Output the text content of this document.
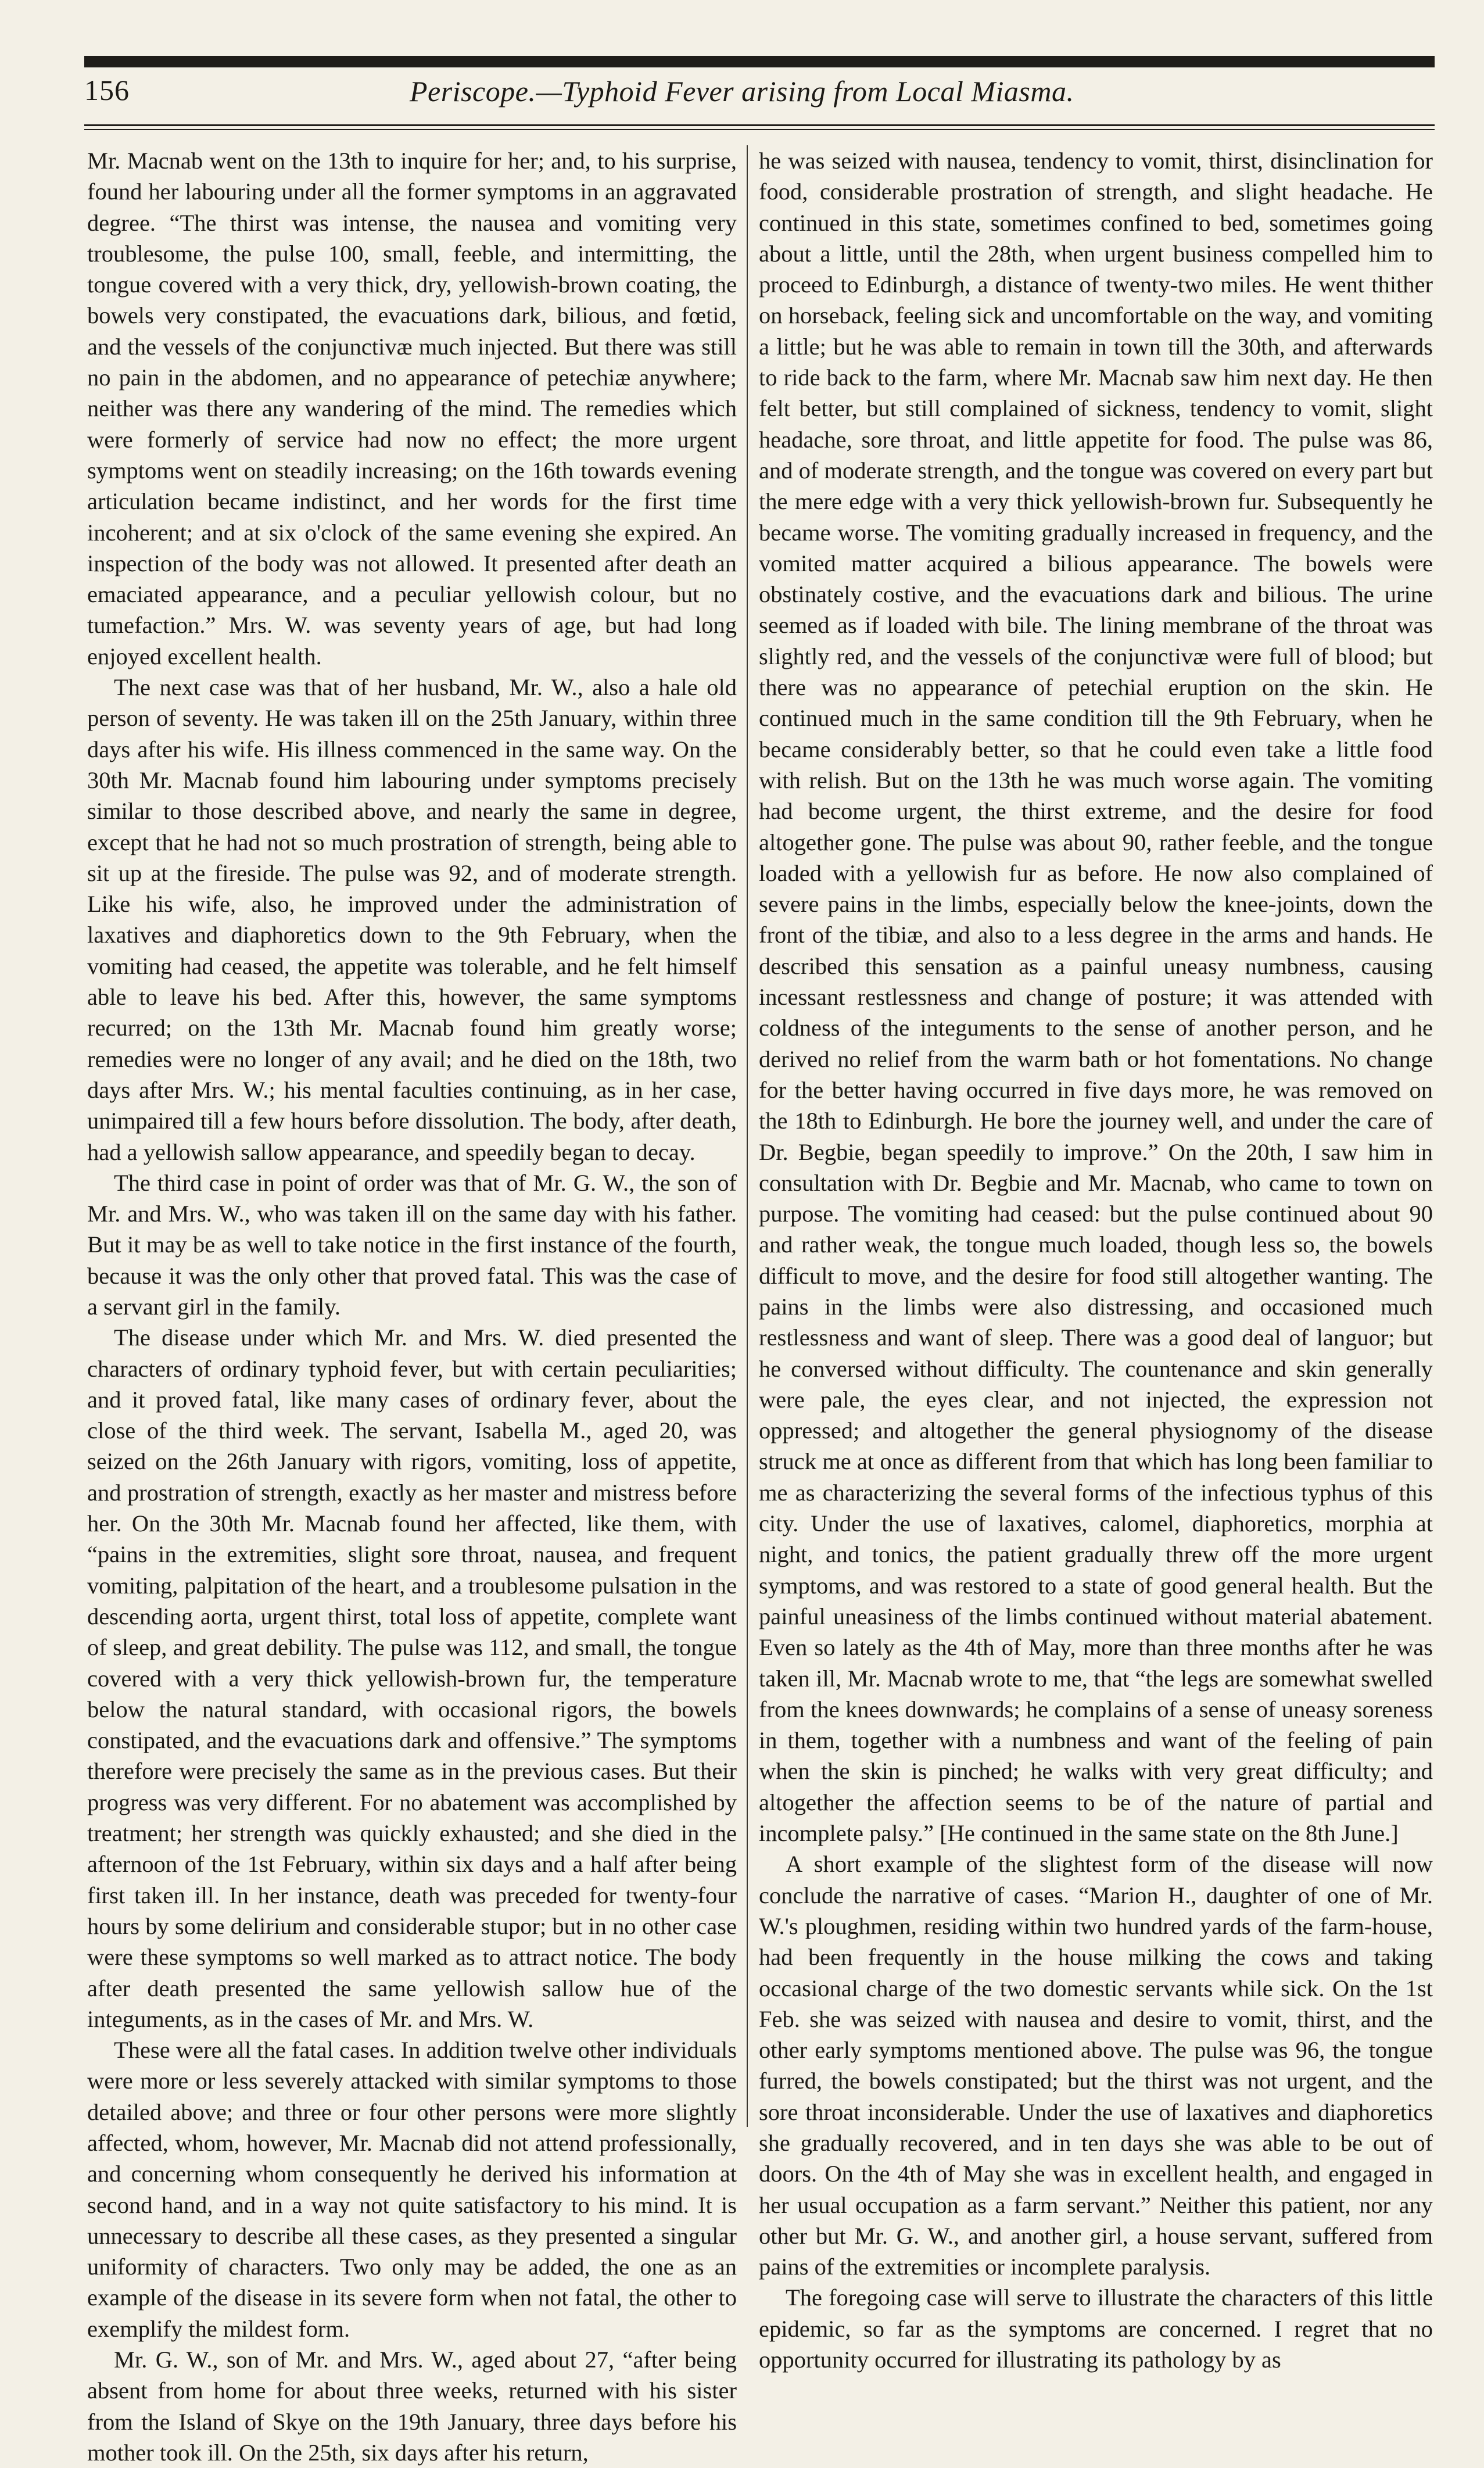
156	Periscope.—Typhoid Fever arising from Local Miasma.

Mr. Macnab went on the 13th to inquire for her; and, to his surprise, found her labouring under all the former symptoms in an aggravated degree. “The thirst was intense, the nausea and vomiting very troublesome, the pulse 100, small, feeble, and intermitting, the tongue covered with a very thick, dry, yellowish-brown coating, the bowels very constipated, the evacuations dark, bilious, and fœtid, and the vessels of the conjunctivæ much injected. But there was still no pain in the abdomen, and no appearance of petechiæ anywhere; neither was there any wandering of the mind. The remedies which were formerly of service had now no effect; the more urgent symptoms went on steadily increasing; on the 16th towards evening articulation became indistinct, and her words for the first time incoherent; and at six o'clock of the same evening she expired. An inspection of the body was not allowed. It presented after death an emaciated appearance, and a peculiar yellowish colour, but no tumefaction.” Mrs. W. was seventy years of age, but had long enjoyed excellent health.

The next case was that of her husband, Mr. W., also a hale old person of seventy. He was taken ill on the 25th January, within three days after his wife. His illness commenced in the same way. On the 30th Mr. Macnab found him labouring under symptoms precisely similar to those described above, and nearly the same in degree, except that he had not so much prostration of strength, being able to sit up at the fireside. The pulse was 92, and of moderate strength. Like his wife, also, he improved under the administration of laxatives and diaphoretics down to the 9th February, when the vomiting had ceased, the appetite was tolerable, and he felt himself able to leave his bed. After this, however, the same symptoms recurred; on the 13th Mr. Macnab found him greatly worse; remedies were no longer of any avail; and he died on the 18th, two days after Mrs. W.; his mental faculties continuing, as in her case, unimpaired till a few hours before dissolution. The body, after death, had a yellowish sallow appearance, and speedily began to decay.

The third case in point of order was that of Mr. G. W., the son of Mr. and Mrs. W., who was taken ill on the same day with his father. But it may be as well to take notice in the first instance of the fourth, because it was the only other that proved fatal. This was the case of a servant girl in the family.

The disease under which Mr. and Mrs. W. died presented the characters of ordinary typhoid fever, but with certain peculiarities; and it proved fatal, like many cases of ordinary fever, about the close of the third week. The servant, Isabella M., aged 20, was seized on the 26th January with rigors, vomiting, loss of appetite, and prostration of strength, exactly as her master and mistress before her. On the 30th Mr. Macnab found her affected, like them, with “pains in the extremities, slight sore throat, nausea, and frequent vomiting, palpitation of the heart, and a troublesome pulsation in the descending aorta, urgent thirst, total loss of appetite, complete want of sleep, and great debility. The pulse was 112, and small, the tongue covered with a very thick yellowish-brown fur, the temperature below the natural standard, with occasional rigors, the bowels constipated, and the evacuations dark and offensive.” The symptoms therefore were precisely the same as in the previous cases. But their progress was very different. For no abatement was accomplished by treatment; her strength was quickly exhausted; and she died in the afternoon of the 1st February, within six days and a half after being first taken ill. In her instance, death was preceded for twenty-four hours by some delirium and considerable stupor; but in no other case were these symptoms so well marked as to attract notice. The body after death presented the same yellowish sallow hue of the integuments, as in the cases of Mr. and Mrs. W.

These were all the fatal cases. In addition twelve other individuals were more or less severely attacked with similar symptoms to those detailed above; and three or four other persons were more slightly affected, whom, however, Mr. Macnab did not attend professionally, and concerning whom consequently he derived his information at second hand, and in a way not quite satisfactory to his mind. It is unnecessary to describe all these cases, as they presented a singular uniformity of characters. Two only may be added, the one as an example of the disease in its severe form when not fatal, the other to exemplify the mildest form.

Mr. G. W., son of Mr. and Mrs. W., aged about 27, “after being absent from home for about three weeks, returned with his sister from the Island of Skye on the 19th January, three days before his mother took ill. On the 25th, six days after his return,

he was seized with nausea, tendency to vomit, thirst, disinclination for food, considerable prostration of strength, and slight headache. He continued in this state, sometimes confined to bed, sometimes going about a little, until the 28th, when urgent business compelled him to proceed to Edinburgh, a distance of twenty-two miles. He went thither on horseback, feeling sick and uncomfortable on the way, and vomiting a little; but he was able to remain in town till the 30th, and afterwards to ride back to the farm, where Mr. Macnab saw him next day. He then felt better, but still complained of sickness, tendency to vomit, slight headache, sore throat, and little appetite for food. The pulse was 86, and of moderate strength, and the tongue was covered on every part but the mere edge with a very thick yellowish-brown fur. Subsequently he became worse. The vomiting gradually increased in frequency, and the vomited matter acquired a bilious appearance. The bowels were obstinately costive, and the evacuations dark and bilious. The urine seemed as if loaded with bile. The lining membrane of the throat was slightly red, and the vessels of the conjunctivæ were full of blood; but there was no appearance of petechial eruption on the skin. He continued much in the same condition till the 9th February, when he became considerably better, so that he could even take a little food with relish. But on the 13th he was much worse again. The vomiting had become urgent, the thirst extreme, and the desire for food altogether gone. The pulse was about 90, rather feeble, and the tongue loaded with a yellowish fur as before. He now also complained of severe pains in the limbs, especially below the knee-joints, down the front of the tibiæ, and also to a less degree in the arms and hands. He described this sensation as a painful uneasy numbness, causing incessant restlessness and change of posture; it was attended with coldness of the integuments to the sense of another person, and he derived no relief from the warm bath or hot fomentations. No change for the better having occurred in five days more, he was removed on the 18th to Edinburgh. He bore the journey well, and under the care of Dr. Begbie, began speedily to improve.” On the 20th, I saw him in consultation with Dr. Begbie and Mr. Macnab, who came to town on purpose. The vomiting had ceased: but the pulse continued about 90 and rather weak, the tongue much loaded, though less so, the bowels difficult to move, and the desire for food still altogether wanting. The pains in the limbs were also distressing, and occasioned much restlessness and want of sleep. There was a good deal of languor; but he conversed without difficulty. The countenance and skin generally were pale, the eyes clear, and not injected, the expression not oppressed; and altogether the general physiognomy of the disease struck me at once as different from that which has long been familiar to me as characterizing the several forms of the infectious typhus of this city. Under the use of laxatives, calomel, diaphoretics, morphia at night, and tonics, the patient gradually threw off the more urgent symptoms, and was restored to a state of good general health. But the painful uneasiness of the limbs continued without material abatement. Even so lately as the 4th of May, more than three months after he was taken ill, Mr. Macnab wrote to me, that “the legs are somewhat swelled from the knees downwards; he complains of a sense of uneasy soreness in them, together with a numbness and want of the feeling of pain when the skin is pinched; he walks with very great difficulty; and altogether the affection seems to be of the nature of partial and incomplete palsy.” [He continued in the same state on the 8th June.]

A short example of the slightest form of the disease will now conclude the narrative of cases. “Marion H., daughter of one of Mr. W.'s ploughmen, residing within two hundred yards of the farm-house, had been frequently in the house milking the cows and taking occasional charge of the two domestic servants while sick. On the 1st Feb. she was seized with nausea and desire to vomit, thirst, and the other early symptoms mentioned above. The pulse was 96, the tongue furred, the bowels constipated; but the thirst was not urgent, and the sore throat inconsiderable. Under the use of laxatives and diaphoretics she gradually recovered, and in ten days she was able to be out of doors. On the 4th of May she was in excellent health, and engaged in her usual occupation as a farm servant.” Neither this patient, nor any other but Mr. G. W., and another girl, a house servant, suffered from pains of the extremities or incomplete paralysis.

The foregoing case will serve to illustrate the characters of this little epidemic, so far as the symptoms are concerned. I regret that no opportunity occurred for illustrating its pathology by as
